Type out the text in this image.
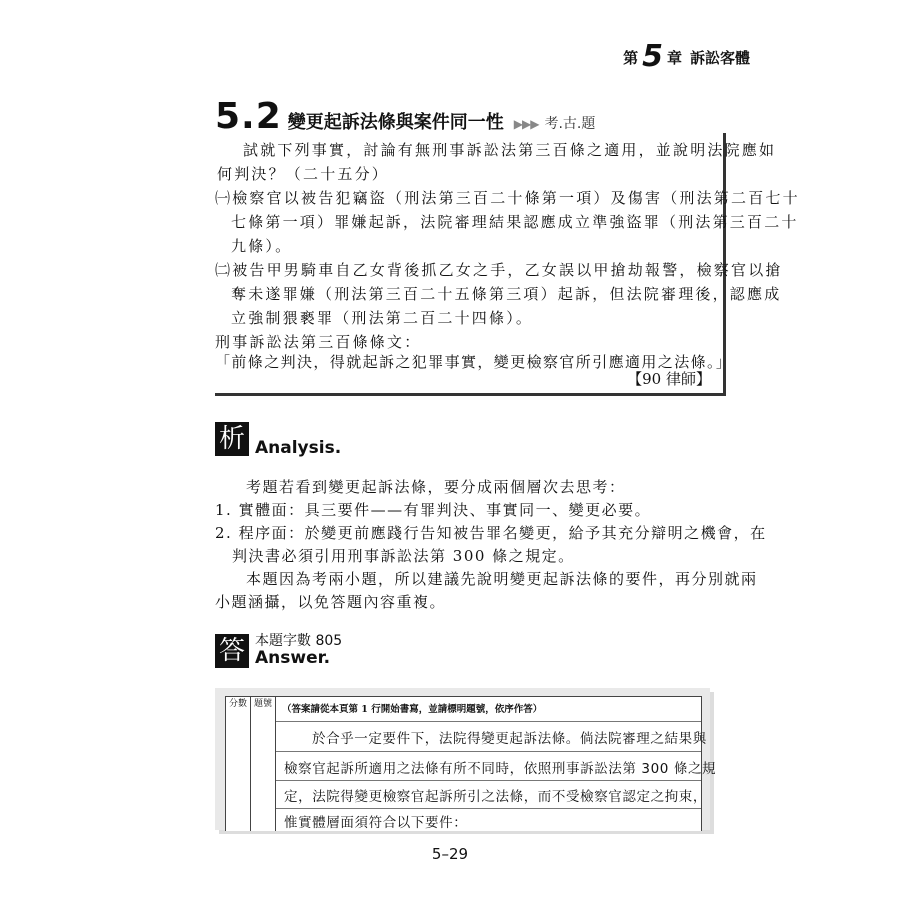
第 5 章 訴訟客體
5.2 變更起訴法條與案件同一性 ▶▶▶ 考.古.題
試就下列事實，討論有無刑事訴訟法第三百條之適用，並說明法院應如
何判決？（二十五分）
㈠檢察官以被告犯竊盜（刑法第三百二十條第一項）及傷害（刑法第二百七十
七條第一項）罪嫌起訴，法院審理結果認應成立準強盜罪（刑法第三百二十
九條）。
㈡被告甲男騎車自乙女背後抓乙女之手，乙女誤以甲搶劫報警，檢察官以搶
奪未遂罪嫌（刑法第三百二十五條第三項）起訴，但法院審理後，認應成
立強制猥褻罪（刑法第二百二十四條）。
刑事訴訟法第三百條條文：
「前條之判決，得就起訴之犯罪事實，變更檢察官所引應適用之法條。」
【90 律師】
析 Analysis.
考題若看到變更起訴法條，要分成兩個層次去思考：
1. 實體面：具三要件——有罪判決、事實同一、變更必要。
2. 程序面：於變更前應踐行告知被告罪名變更，給予其充分辯明之機會，在
判決書必須引用刑事訴訟法第 300 條之規定。
本題因為考兩小題，所以建議先說明變更起訴法條的要件，再分別就兩
小題涵攝，以免答題內容重複。
答 本題字數 805
Answer.
分數 題號	（答案請從本頁第 1 行開始書寫，並請標明題號，依序作答）
於合乎一定要件下，法院得變更起訴法條。倘法院審理之結果與
檢察官起訴所適用之法條有所不同時，依照刑事訴訟法第 300 條之規
定，法院得變更檢察官起訴所引之法條，而不受檢察官認定之拘束，
惟實體層面須符合以下要件：
5–29
